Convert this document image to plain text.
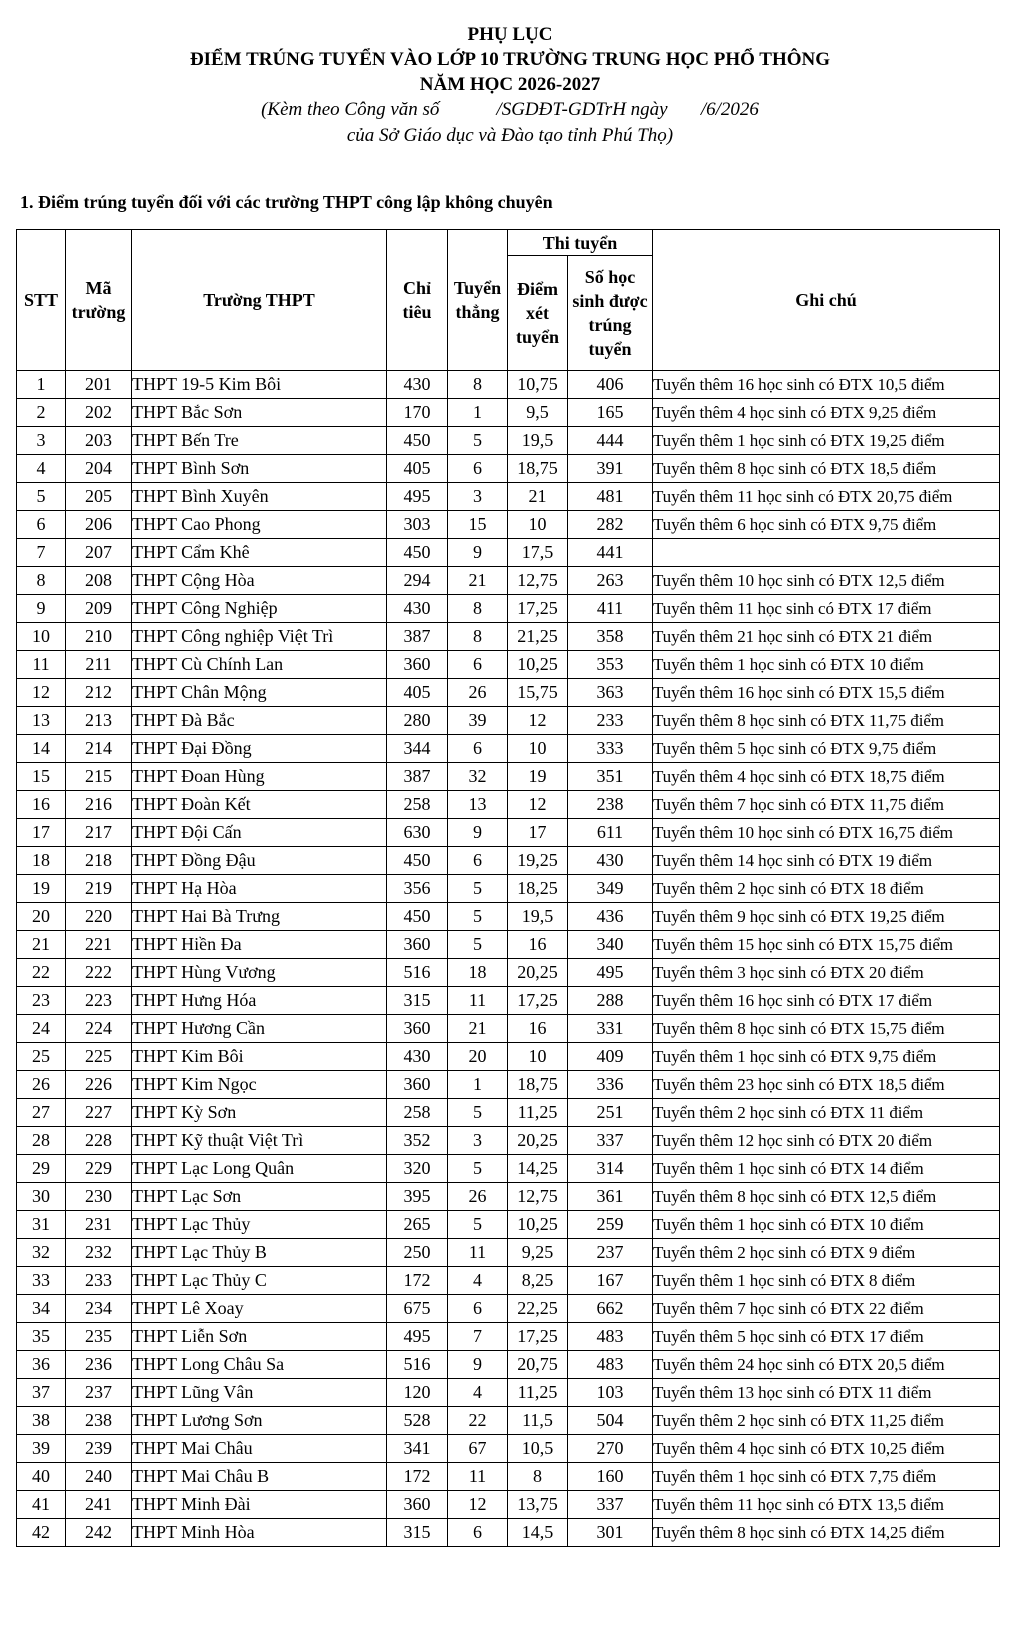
PHỤ LỤC
ĐIỂM TRÚNG TUYỂN VÀO LỚP 10 TRƯỜNG TRUNG HỌC PHỔ THÔNG
NĂM HỌC 2026-2027
(Kèm theo Công văn số            /SGDĐT-GDTrH ngày       /6/2026
của Sở Giáo dục và Đào tạo tỉnh Phú Thọ)
1. Điểm trúng tuyển đối với các trường THPT công lập không chuyên
STT	Mã trường	Trường THPT	Chỉ tiêu	Tuyển thẳng	Thi tuyển		Ghi chú
					Điểm xét tuyển	Số học sinh được trúng tuyển	
1	201	THPT 19-5 Kim Bôi	430	8	10,75	406	Tuyển thêm 16 học sinh có ĐTX 10,5 điểm
2	202	THPT Bắc Sơn	170	1	9,5	165	Tuyển thêm 4 học sinh có ĐTX 9,25 điểm
3	203	THPT Bến Tre	450	5	19,5	444	Tuyển thêm 1 học sinh có ĐTX 19,25 điểm
4	204	THPT Bình Sơn	405	6	18,75	391	Tuyển thêm 8 học sinh có ĐTX 18,5 điểm
5	205	THPT Bình Xuyên	495	3	21	481	Tuyển thêm 11 học sinh có ĐTX 20,75 điểm
6	206	THPT Cao Phong	303	15	10	282	Tuyển thêm 6 học sinh có ĐTX 9,75 điểm
7	207	THPT Cẩm Khê	450	9	17,5	441	
8	208	THPT Cộng Hòa	294	21	12,75	263	Tuyển thêm 10 học sinh có ĐTX 12,5 điểm
9	209	THPT Công Nghiệp	430	8	17,25	411	Tuyển thêm 11 học sinh có ĐTX 17 điểm
10	210	THPT Công nghiệp Việt Trì	387	8	21,25	358	Tuyển thêm 21 học sinh có ĐTX 21 điểm
11	211	THPT Cù Chính Lan	360	6	10,25	353	Tuyển thêm 1 học sinh có ĐTX 10 điểm
12	212	THPT Chân Mộng	405	26	15,75	363	Tuyển thêm 16 học sinh có ĐTX 15,5 điểm
13	213	THPT Đà Bắc	280	39	12	233	Tuyển thêm 8 học sinh có ĐTX 11,75 điểm
14	214	THPT Đại Đồng	344	6	10	333	Tuyển thêm 5 học sinh có ĐTX 9,75 điểm
15	215	THPT Đoan Hùng	387	32	19	351	Tuyển thêm 4 học sinh có ĐTX 18,75 điểm
16	216	THPT Đoàn Kết	258	13	12	238	Tuyển thêm 7 học sinh có ĐTX 11,75 điểm
17	217	THPT Đội Cấn	630	9	17	611	Tuyển thêm 10 học sinh có ĐTX 16,75 điểm
18	218	THPT Đồng Đậu	450	6	19,25	430	Tuyển thêm 14 học sinh có ĐTX 19 điểm
19	219	THPT Hạ Hòa	356	5	18,25	349	Tuyển thêm 2 học sinh có ĐTX 18 điểm
20	220	THPT Hai Bà Trưng	450	5	19,5	436	Tuyển thêm 9 học sinh có ĐTX 19,25 điểm
21	221	THPT Hiền Đa	360	5	16	340	Tuyển thêm 15 học sinh có ĐTX 15,75 điểm
22	222	THPT Hùng Vương	516	18	20,25	495	Tuyển thêm 3 học sinh có ĐTX 20 điểm
23	223	THPT Hưng Hóa	315	11	17,25	288	Tuyển thêm 16 học sinh có ĐTX 17 điểm
24	224	THPT Hương Cần	360	21	16	331	Tuyển thêm 8 học sinh có ĐTX 15,75 điểm
25	225	THPT Kim Bôi	430	20	10	409	Tuyển thêm 1 học sinh có ĐTX 9,75 điểm
26	226	THPT Kim Ngọc	360	1	18,75	336	Tuyển thêm 23 học sinh có ĐTX 18,5 điểm
27	227	THPT Kỳ Sơn	258	5	11,25	251	Tuyển thêm 2 học sinh có ĐTX 11 điểm
28	228	THPT Kỹ thuật Việt Trì	352	3	20,25	337	Tuyển thêm 12 học sinh có ĐTX 20 điểm
29	229	THPT Lạc Long Quân	320	5	14,25	314	Tuyển thêm 1 học sinh có ĐTX 14 điểm
30	230	THPT Lạc Sơn	395	26	12,75	361	Tuyển thêm 8 học sinh có ĐTX 12,5 điểm
31	231	THPT Lạc Thủy	265	5	10,25	259	Tuyển thêm 1 học sinh có ĐTX 10 điểm
32	232	THPT Lạc Thủy B	250	11	9,25	237	Tuyển thêm 2 học sinh có ĐTX 9 điểm
33	233	THPT Lạc Thủy C	172	4	8,25	167	Tuyển thêm 1 học sinh có ĐTX 8 điểm
34	234	THPT Lê Xoay	675	6	22,25	662	Tuyển thêm 7 học sinh có ĐTX 22 điểm
35	235	THPT Liễn Sơn	495	7	17,25	483	Tuyển thêm 5 học sinh có ĐTX 17 điểm
36	236	THPT Long Châu Sa	516	9	20,75	483	Tuyển thêm 24 học sinh có ĐTX 20,5 điểm
37	237	THPT Lũng Vân	120	4	11,25	103	Tuyển thêm 13 học sinh có ĐTX 11 điểm
38	238	THPT Lương Sơn	528	22	11,5	504	Tuyển thêm 2 học sinh có ĐTX 11,25 điểm
39	239	THPT Mai Châu	341	67	10,5	270	Tuyển thêm 4 học sinh có ĐTX 10,25 điểm
40	240	THPT Mai Châu B	172	11	8	160	Tuyển thêm 1 học sinh có ĐTX 7,75 điểm
41	241	THPT Minh Đài	360	12	13,75	337	Tuyển thêm 11 học sinh có ĐTX 13,5 điểm
42	242	THPT Minh Hòa	315	6	14,5	301	Tuyển thêm 8 học sinh có ĐTX 14,25 điểm
